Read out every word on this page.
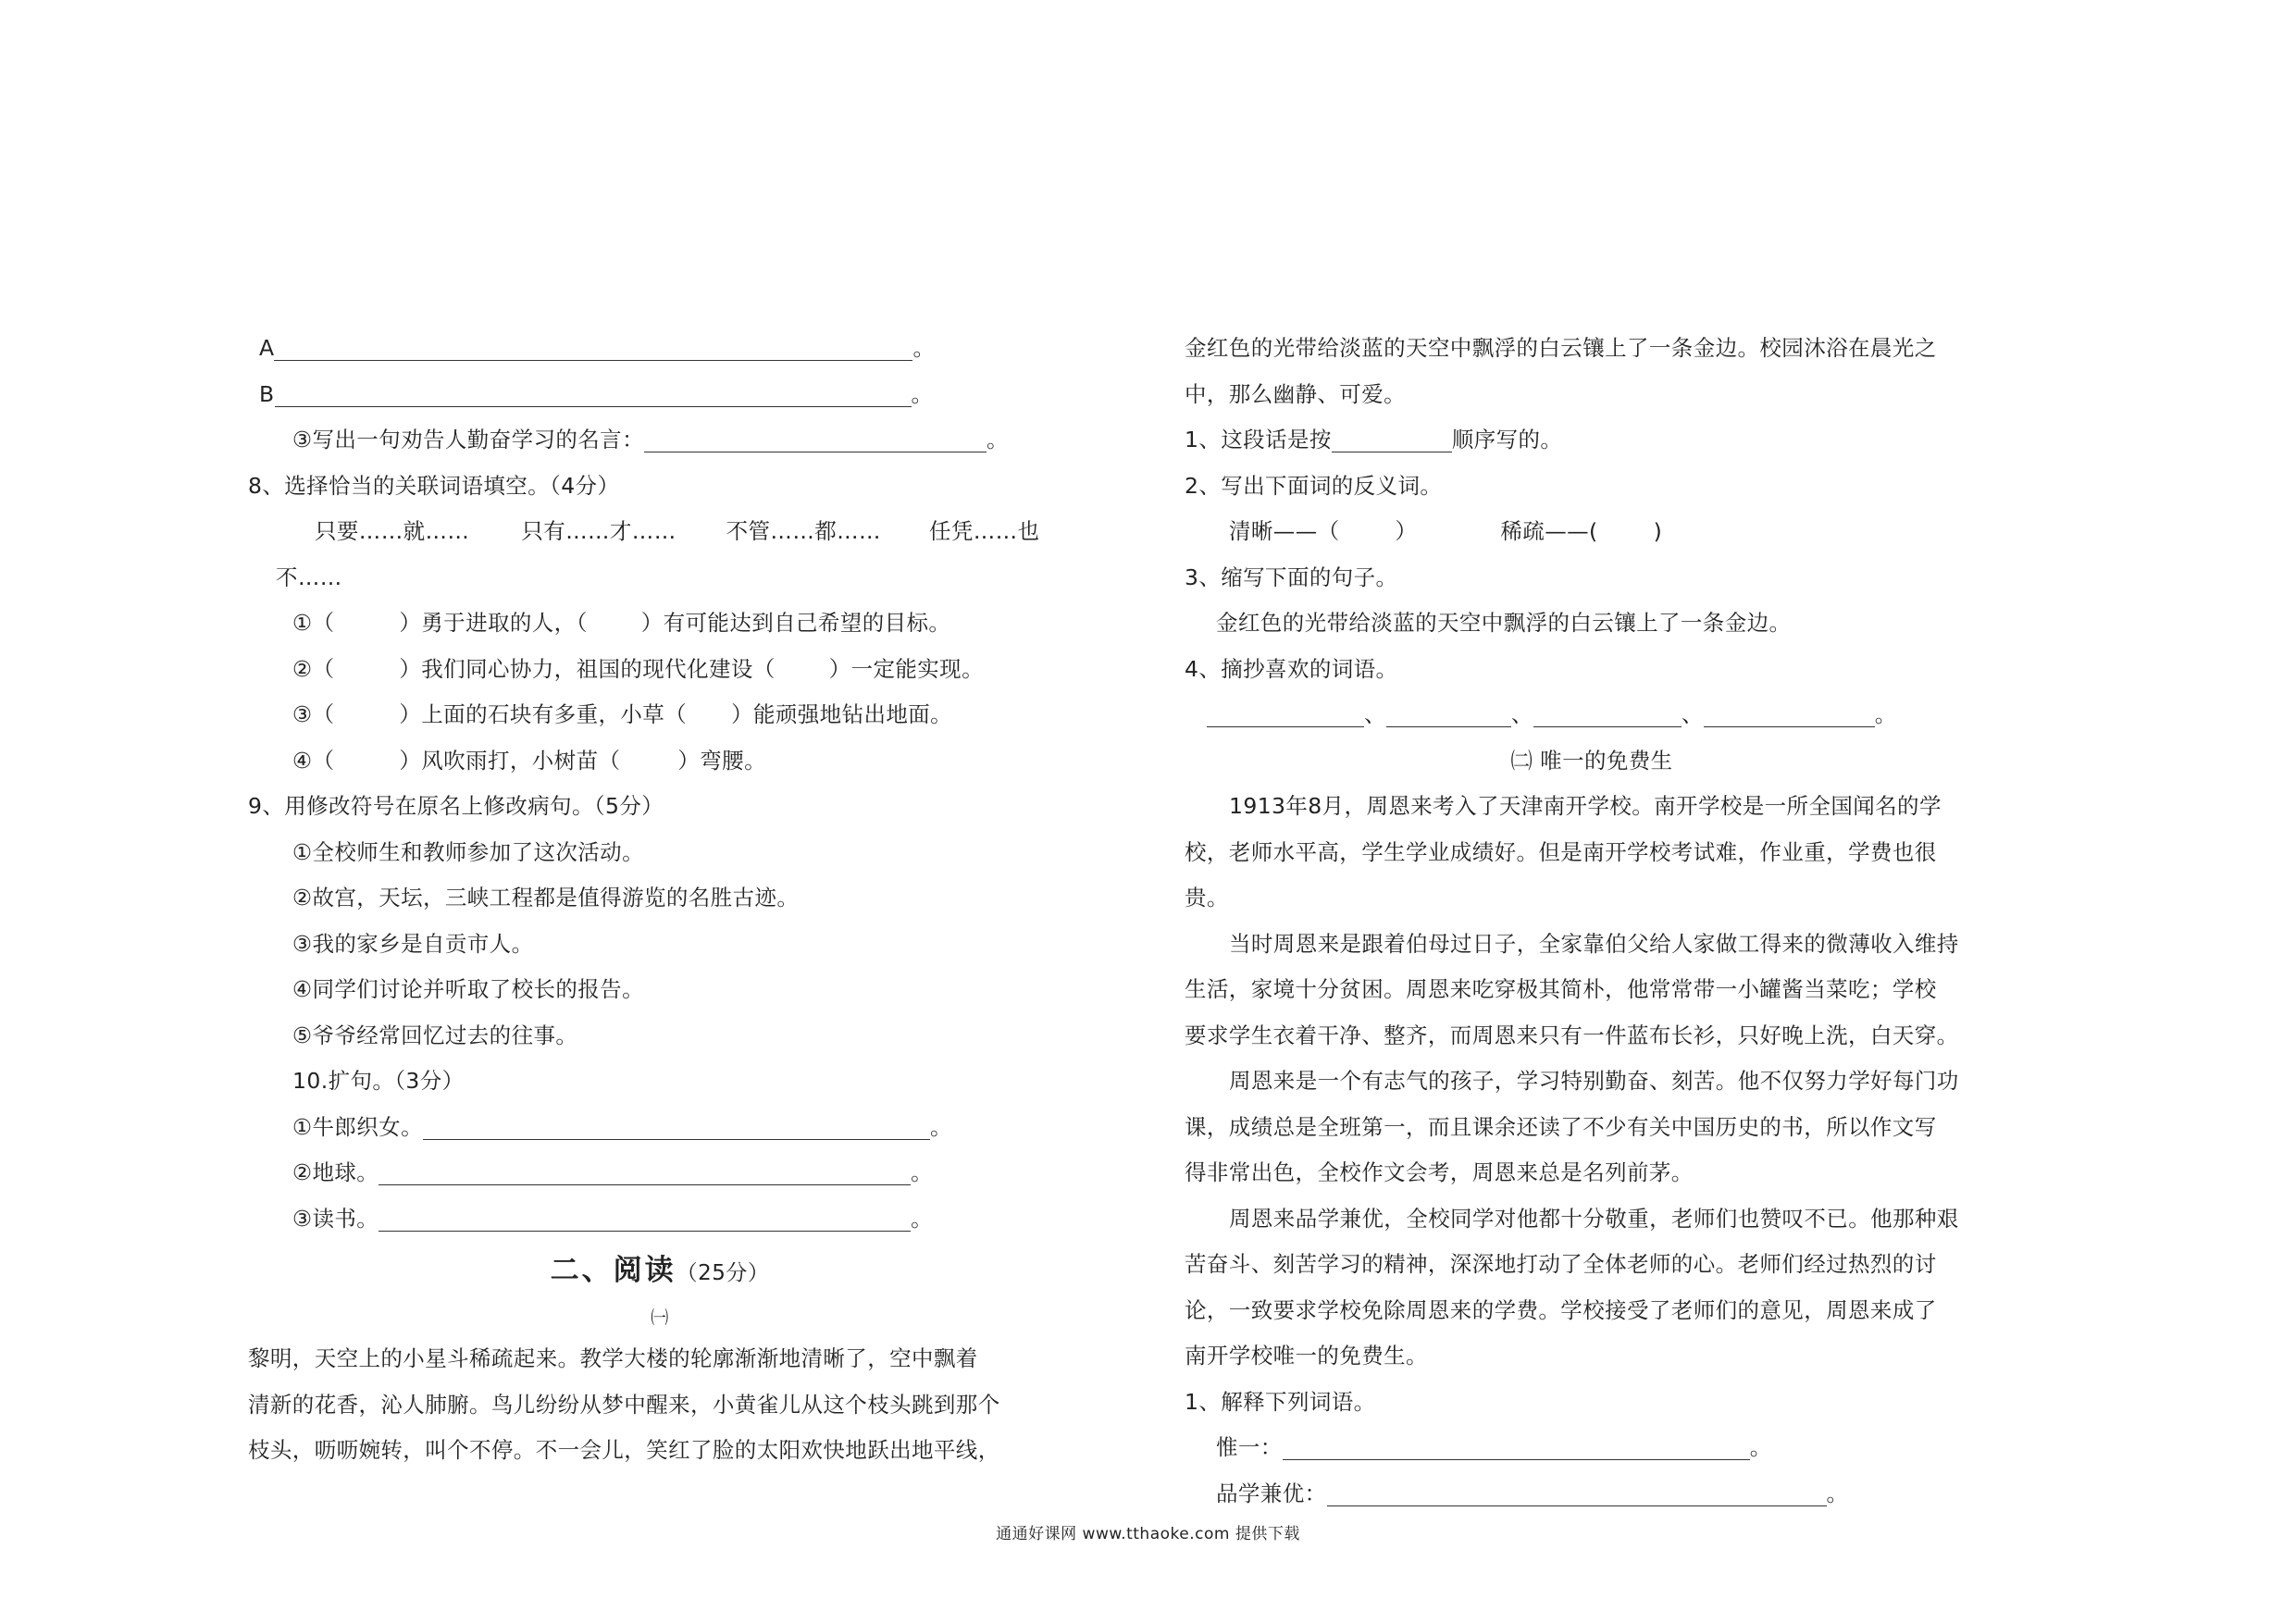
A	。
B	。
③写出一句劝告人勤奋学习的名言：	。
8、选择恰当的关联词语填空。（4分）
只要……就…… 只有……才…… 不管……都…… 任凭……也
不……
①（	）勇于进取的人，（ ）有可能达到自己希望的目标。
②（	）我们同心协力，祖国的现代化建设（ ）一定能实现。
③（	）上面的石块有多重，小草（ ）能顽强地钻出地面。
④（	）风吹雨打，小树苗（	）弯腰。
9、用修改符号在原名上修改病句。（5分）
①全校师生和教师参加了这次活动。
②故宫，天坛，三峡工程都是值得游览的名胜古迹。
③我的家乡是自贡市人。
④同学们讨论并听取了校长的报告。
⑤爷爷经常回忆过去的往事。
10.扩句。（3分）
①牛郎织女。	。
②地球。	。
③读书。	。
二、阅读（25分）
㈠
黎明，天空上的小星斗稀疏起来。教学大楼的轮廓渐渐地清晰了，空中飘着
清新的花香，沁人肺腑。鸟儿纷纷从梦中醒来，小黄雀儿从这个枝头跳到那个
枝头，呖呖婉转，叫个不停。不一会儿，笑红了脸的太阳欢快地跃出地平线，
金红色的光带给淡蓝的天空中飘浮的白云镶上了一条金边。校园沐浴在晨光之
中，那么幽静、可爱。
1、这段话是按	顺序写的。
2、写出下面词的反义词。
清晰——（	）	稀疏——(	)
3、缩写下面的句子。
金红色的光带给淡蓝的天空中飘浮的白云镶上了一条金边。
4、摘抄喜欢的词语。
、	、	、	。
㈡ 唯一的免费生
1913年8月，周恩来考入了天津南开学校。南开学校是一所全国闻名的学
校，老师水平高，学生学业成绩好。但是南开学校考试难，作业重，学费也很
贵。
当时周恩来是跟着伯母过日子，全家靠伯父给人家做工得来的微薄收入维持
生活，家境十分贫困。周恩来吃穿极其简朴，他常常带一小罐酱当菜吃；学校
要求学生衣着干净、整齐，而周恩来只有一件蓝布长衫，只好晚上洗，白天穿。
周恩来是一个有志气的孩子，学习特别勤奋、刻苦。他不仅努力学好每门功
课，成绩总是全班第一，而且课余还读了不少有关中国历史的书，所以作文写
得非常出色，全校作文会考，周恩来总是名列前茅。
周恩来品学兼优，全校同学对他都十分敬重，老师们也赞叹不已。他那种艰
苦奋斗、刻苦学习的精神，深深地打动了全体老师的心。老师们经过热烈的讨
论，一致要求学校免除周恩来的学费。学校接受了老师们的意见，周恩来成了
南开学校唯一的免费生。
1、解释下列词语。
惟一：	。
品学兼优：	。
通通好课网 www.tthaoke.com 提供下载
